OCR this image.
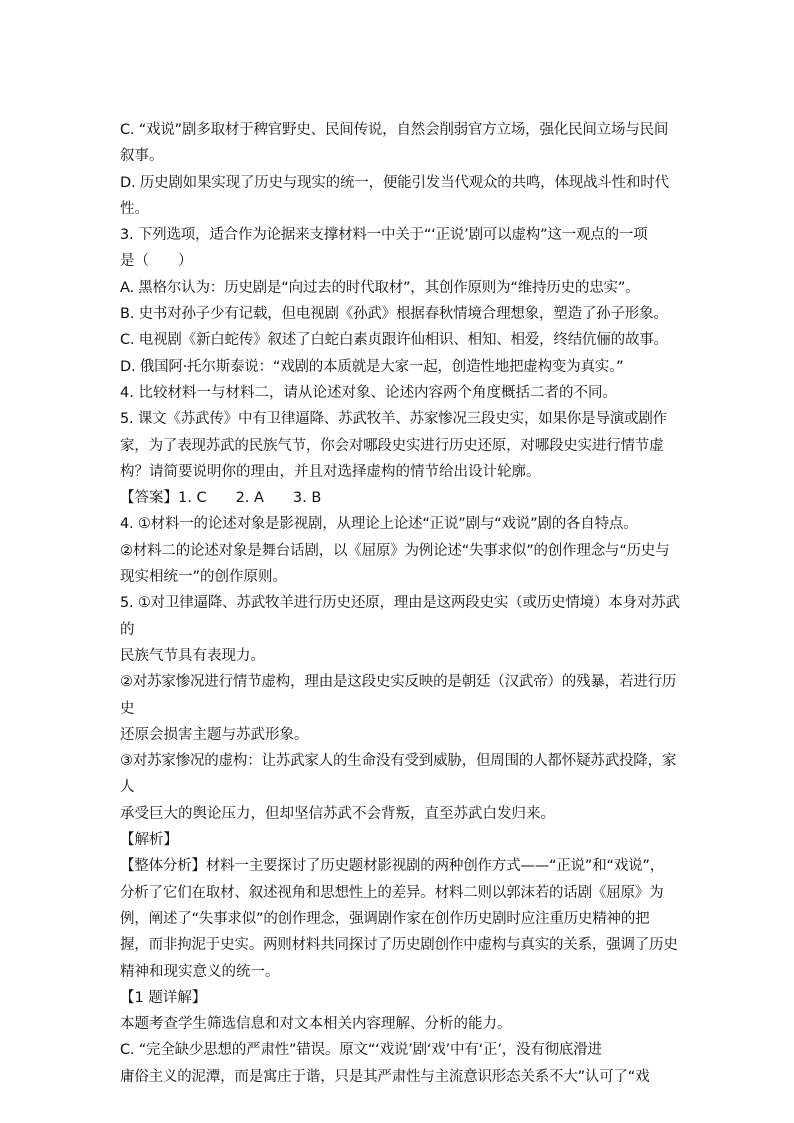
C. “戏说”剧多取材于稗官野史、民间传说，自然会削弱官方立场，强化民间立场与民间

叙事。

D. 历史剧如果实现了历史与现实的统一，便能引发当代观众的共鸣，体现战斗性和时代

性。

3. 下列选项，适合作为论据来支撑材料一中关于“‘正说’剧可以虚构”这一观点的一项

是（　　）

A. 黑格尔认为：历史剧是“向过去的时代取材”，其创作原则为“维持历史的忠实”。

B. 史书对孙子少有记载，但电视剧《孙武》根据春秋情境合理想象，塑造了孙子形象。

C. 电视剧《新白蛇传》叙述了白蛇白素贞跟许仙相识、相知、相爱，终结伉俪的故事。

D. 俄国阿·托尔斯泰说：“戏剧的本质就是大家一起，创造性地把虚构变为真实。”

4. 比较材料一与材料二，请从论述对象、论述内容两个角度概括二者的不同。

5. 课文《苏武传》中有卫律逼降、苏武牧羊、苏家惨况三段史实，如果你是导演或剧作

家，为了表现苏武的民族气节，你会对哪段史实进行历史还原，对哪段史实进行情节虚

构？请简要说明你的理由，并且对选择虚构的情节给出设计轮廓。

【答案】1. C　　2. A　　3. B

4. ①材料一的论述对象是影视剧，从理论上论述“正说”剧与“戏说”剧的各自特点。

②材料二的论述对象是舞台话剧，以《屈原》为例论述“失事求似”的创作理念与“历史与

现实相统一”的创作原则。

5. ①对卫律逼降、苏武牧羊进行历史还原，理由是这两段史实（或历史情境）本身对苏武的

民族气节具有表现力。

②对苏家惨况进行情节虚构，理由是这段史实反映的是朝廷（汉武帝）的残暴，若进行历史

还原会损害主题与苏武形象。

③对苏家惨况的虚构：让苏武家人的生命没有受到威胁，但周围的人都怀疑苏武投降，家人

承受巨大的舆论压力，但却坚信苏武不会背叛，直至苏武白发归来。

【解析】

【整体分析】材料一主要探讨了历史题材影视剧的两种创作方式——“正说”和“戏说”，

分析了它们在取材、叙述视角和思想性上的差异。材料二则以郭沫若的话剧《屈原》为

例，阐述了“失事求似”的创作理念，强调剧作家在创作历史剧时应注重历史精神的把

握，而非拘泥于史实。两则材料共同探讨了历史剧创作中虚构与真实的关系，强调了历史

精神和现实意义的统一。

【1 题详解】

本题考查学生筛选信息和对文本相关内容理解、分析的能力。

C. “完全缺少思想的严肃性”错误。原文“‘戏说’剧‘戏’中有‘正’，没有彻底滑进

庸俗主义的泥潭，而是寓庄于谐，只是其严肃性与主流意识形态关系不大”认可了“戏
